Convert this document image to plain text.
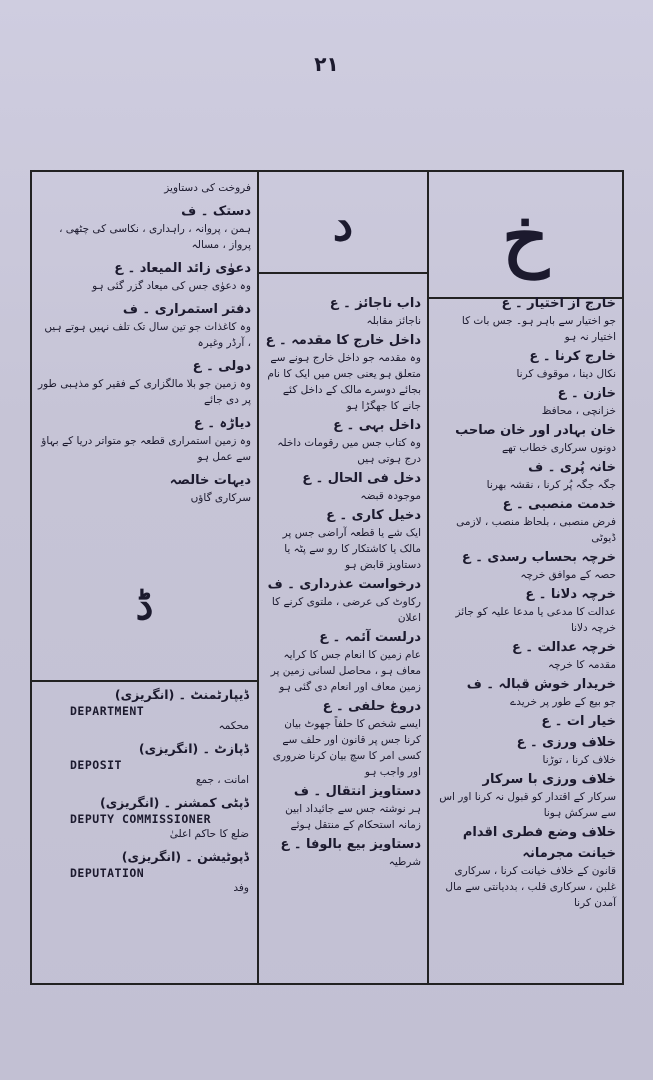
۲۱
خ
خارج از اختیار ۔ ع
جو اختیار سے باہر ہو۔ جس بات کا اختیار نہ ہو
خارج کرنا ۔ ع
نکال دینا ، موقوف کرنا
خازن ۔ ع
خزانچی ، محافظ
خان بہادر اور خان صاحب
دونوں سرکاری خطاب تھے
خانہ پُری ۔ ف
جگہ جگہ پُر کرنا ، نقشہ بھرنا
خدمت منصبی ۔ ع
فرض منصبی ، بلحاظ منصب ، لازمی ڈیوٹی
خرچہ بحساب رسدی ۔ ع
حصہ کے موافق خرچہ
خرچہ دلانا ۔ ع
عدالت کا مدعی یا مدعا علیہ کو جائز خرچہ دلانا
خرچہ عدالت ۔ ع
مقدمہ کا خرچہ
خریدار خوش قبالہ ۔ ف
جو بیع کے طور پر خریدے
خیار ات ۔ ع
خلاف ورزی ۔ ع
خلاف کرنا ، توڑنا
خلاف ورزی با سرکار
سرکار کے اقتدار کو قبول نہ کرنا اور اس سے سرکش ہونا
خلاف وضع فطری اقدام
خیانت مجرمانہ
قانون کے خلاف خیانت کرنا ، سرکاری غلبن ، سرکاری قلب ، بددیانتی سے مال آمدن کرنا
د
داب ناجائز ۔ ع
ناجائز مقابلہ
داخل خارج کا مقدمہ ۔ ع
وہ مقدمہ جو داخل خارج ہونے سے متعلق ہو یعنی جس میں ایک کا نام بجائے دوسرے مالک کے داخل کئے جانے کا جھگڑا ہو
داخل بہی ۔ ع
وہ کتاب جس میں رقومات داخلہ درج ہوتی ہیں
دخل فی الحال ۔ ع
موجودہ قبضہ
دخیل کاری ۔ ع
ایک شے یا قطعہ آراضی جس پر مالک یا کاشتکار کا رو سے پٹہ یا دستاویز قابض ہو
درخواست عذرداری ۔ ف
رکاوٹ کی عرضی ، ملتوی کرنے کا اعلان
درلست آئمہ ۔ ع
عام زمین کا انعام جس کا کرایہ معاف ہو ، محاصل لسانی زمین پر زمین معاف اور انعام دی گئی ہو
دروغ حلفی ۔ ع
ایسے شخص کا حلفاً جھوٹ بیان کرنا جس پر قانون اور حلف سے کسی امر کا سچ بیان کرنا ضروری اور واجب ہو
دستاویز انتقال ۔ ف
ہر نوشتہ جس سے جائیداد ابین زمانہ استحکام کے منتقل ہوئے
دستاویز بیع بالوفا ۔ ع
شرطیہ
فروخت کی دستاویز
دستک ۔ ف
ہمن ، پروانہ ، راہداری ، نکاسی کی چٹھی ، پرواز ، مسالہ
دعوٰی زائد المیعاد ۔ ع
وہ دعوٰی جس کی میعاد گزر گئی ہو
دفتر استمراری ۔ ف
وہ کاغذات جو تین سال تک تلف نہیں ہوتے ہیں ، آرڈر وغیرہ
دولی ۔ ع
وہ زمین جو بلا مالگزاری کے فقیر کو مذہبی طور پر دی جائے
دیاڑہ ۔ ع
وہ زمین استمراری قطعہ جو متواتر دریا کے بہاؤ سے عمل ہو
دیہات خالصہ
سرکاری گاؤں
ڈ
ڈیپارٹمنٹ ۔ (انگریزی)
DEPARTMENT
محکمہ
ڈپازٹ ۔ (انگریزی)
DEPOSIT
امانت ، جمع
ڈپٹی کمشنر ۔ (انگریزی)
DEPUTY COMMISSIONER
ضلع کا حاکم اعلیٰ
ڈپوٹیشن ۔ (انگریزی)
DEPUTATION
وفد
